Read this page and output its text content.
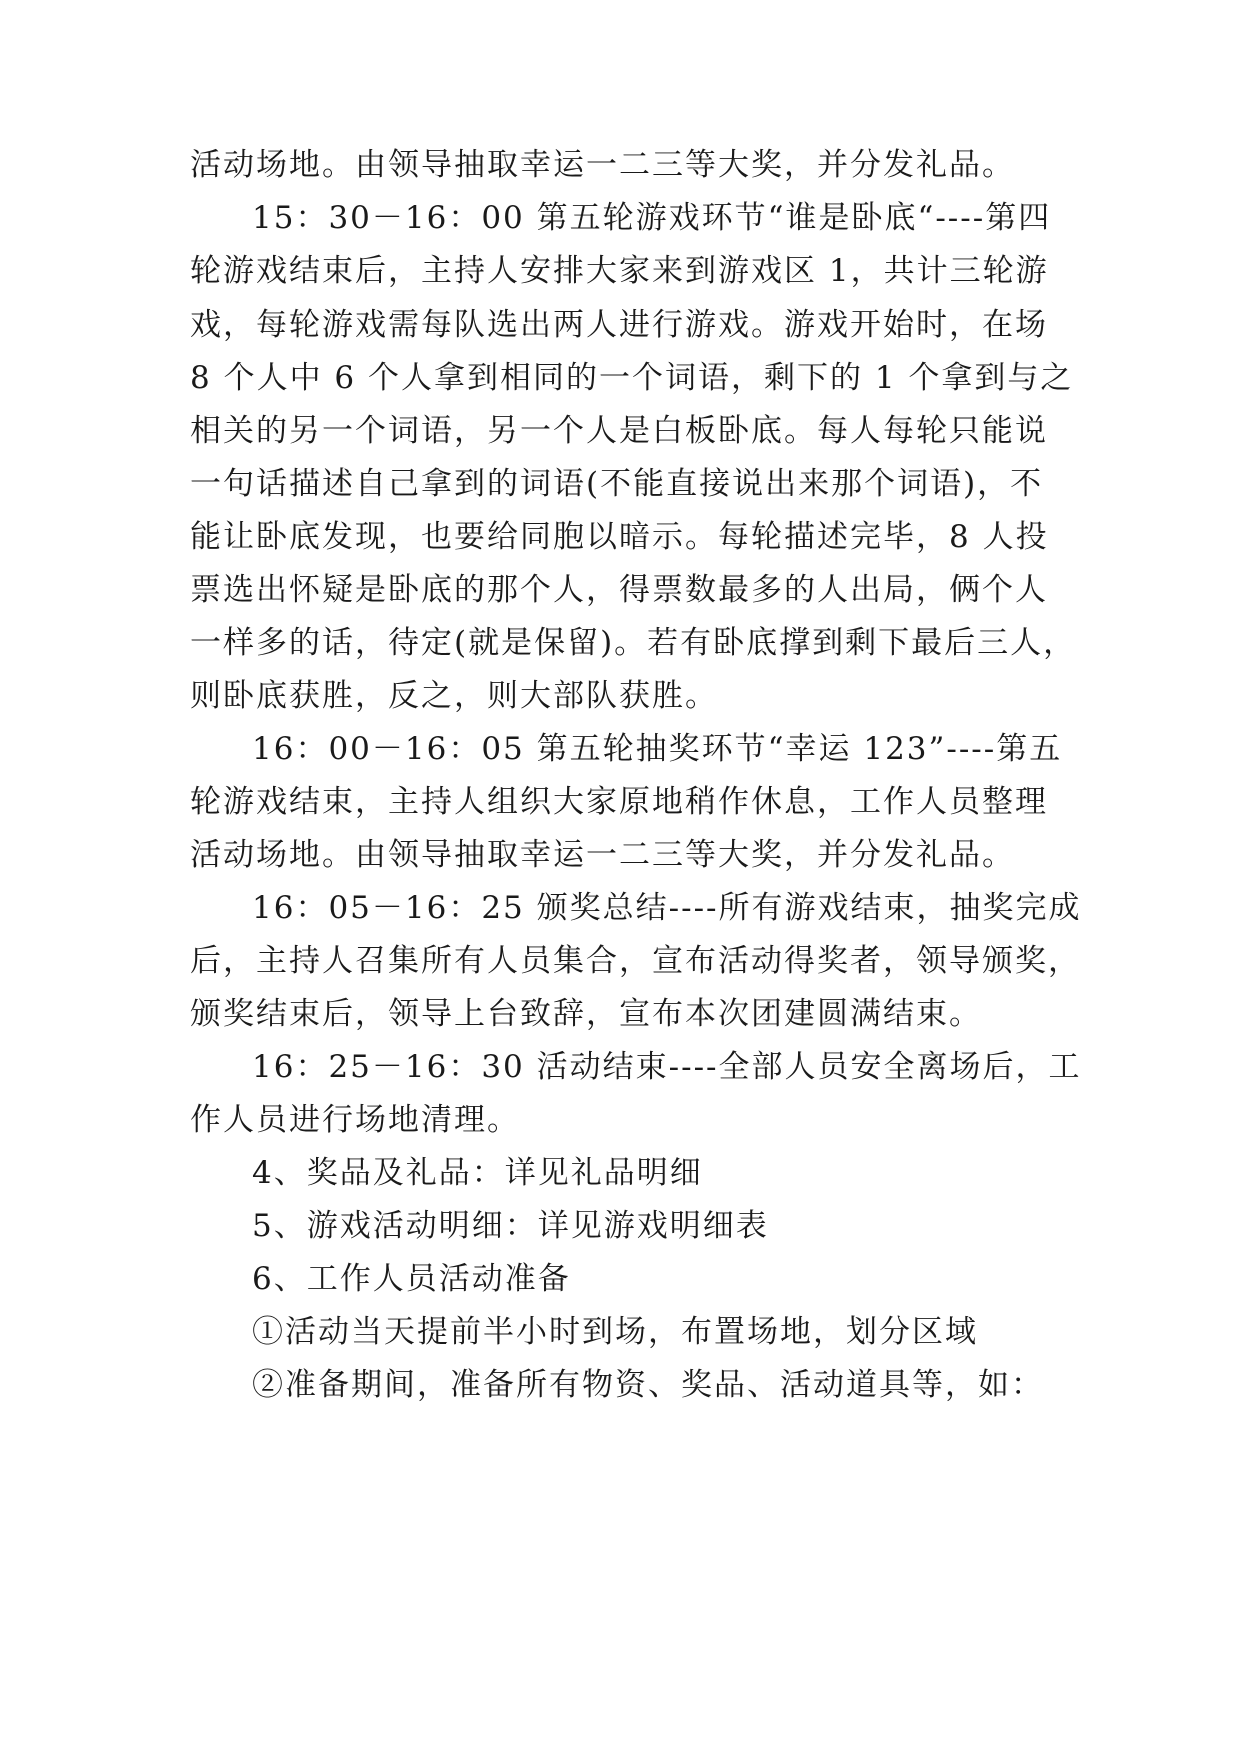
活动场地。由领导抽取幸运一二三等大奖，并分发礼品。
15：30－16：00 第五轮游戏环节“谁是卧底“----第四
轮游戏结束后，主持人安排大家来到游戏区 1，共计三轮游
戏，每轮游戏需每队选出两人进行游戏。游戏开始时，在场
8 个人中 6 个人拿到相同的一个词语，剩下的 1 个拿到与之
相关的另一个词语，另一个人是白板卧底。每人每轮只能说
一句话描述自己拿到的词语(不能直接说出来那个词语)，不
能让卧底发现，也要给同胞以暗示。每轮描述完毕，8 人投
票选出怀疑是卧底的那个人，得票数最多的人出局，俩个人
一样多的话，待定(就是保留)。若有卧底撑到剩下最后三人，
则卧底获胜，反之，则大部队获胜。
16：00－16：05 第五轮抽奖环节“幸运 123”----第五
轮游戏结束，主持人组织大家原地稍作休息，工作人员整理
活动场地。由领导抽取幸运一二三等大奖，并分发礼品。
16：05－16：25 颁奖总结----所有游戏结束，抽奖完成
后，主持人召集所有人员集合，宣布活动得奖者，领导颁奖，
颁奖结束后，领导上台致辞，宣布本次团建圆满结束。
16：25－16：30 活动结束----全部人员安全离场后，工
作人员进行场地清理。
4、奖品及礼品：详见礼品明细
5、游戏活动明细：详见游戏明细表
6、工作人员活动准备
①活动当天提前半小时到场，布置场地，划分区域
②准备期间，准备所有物资、奖品、活动道具等，如：
